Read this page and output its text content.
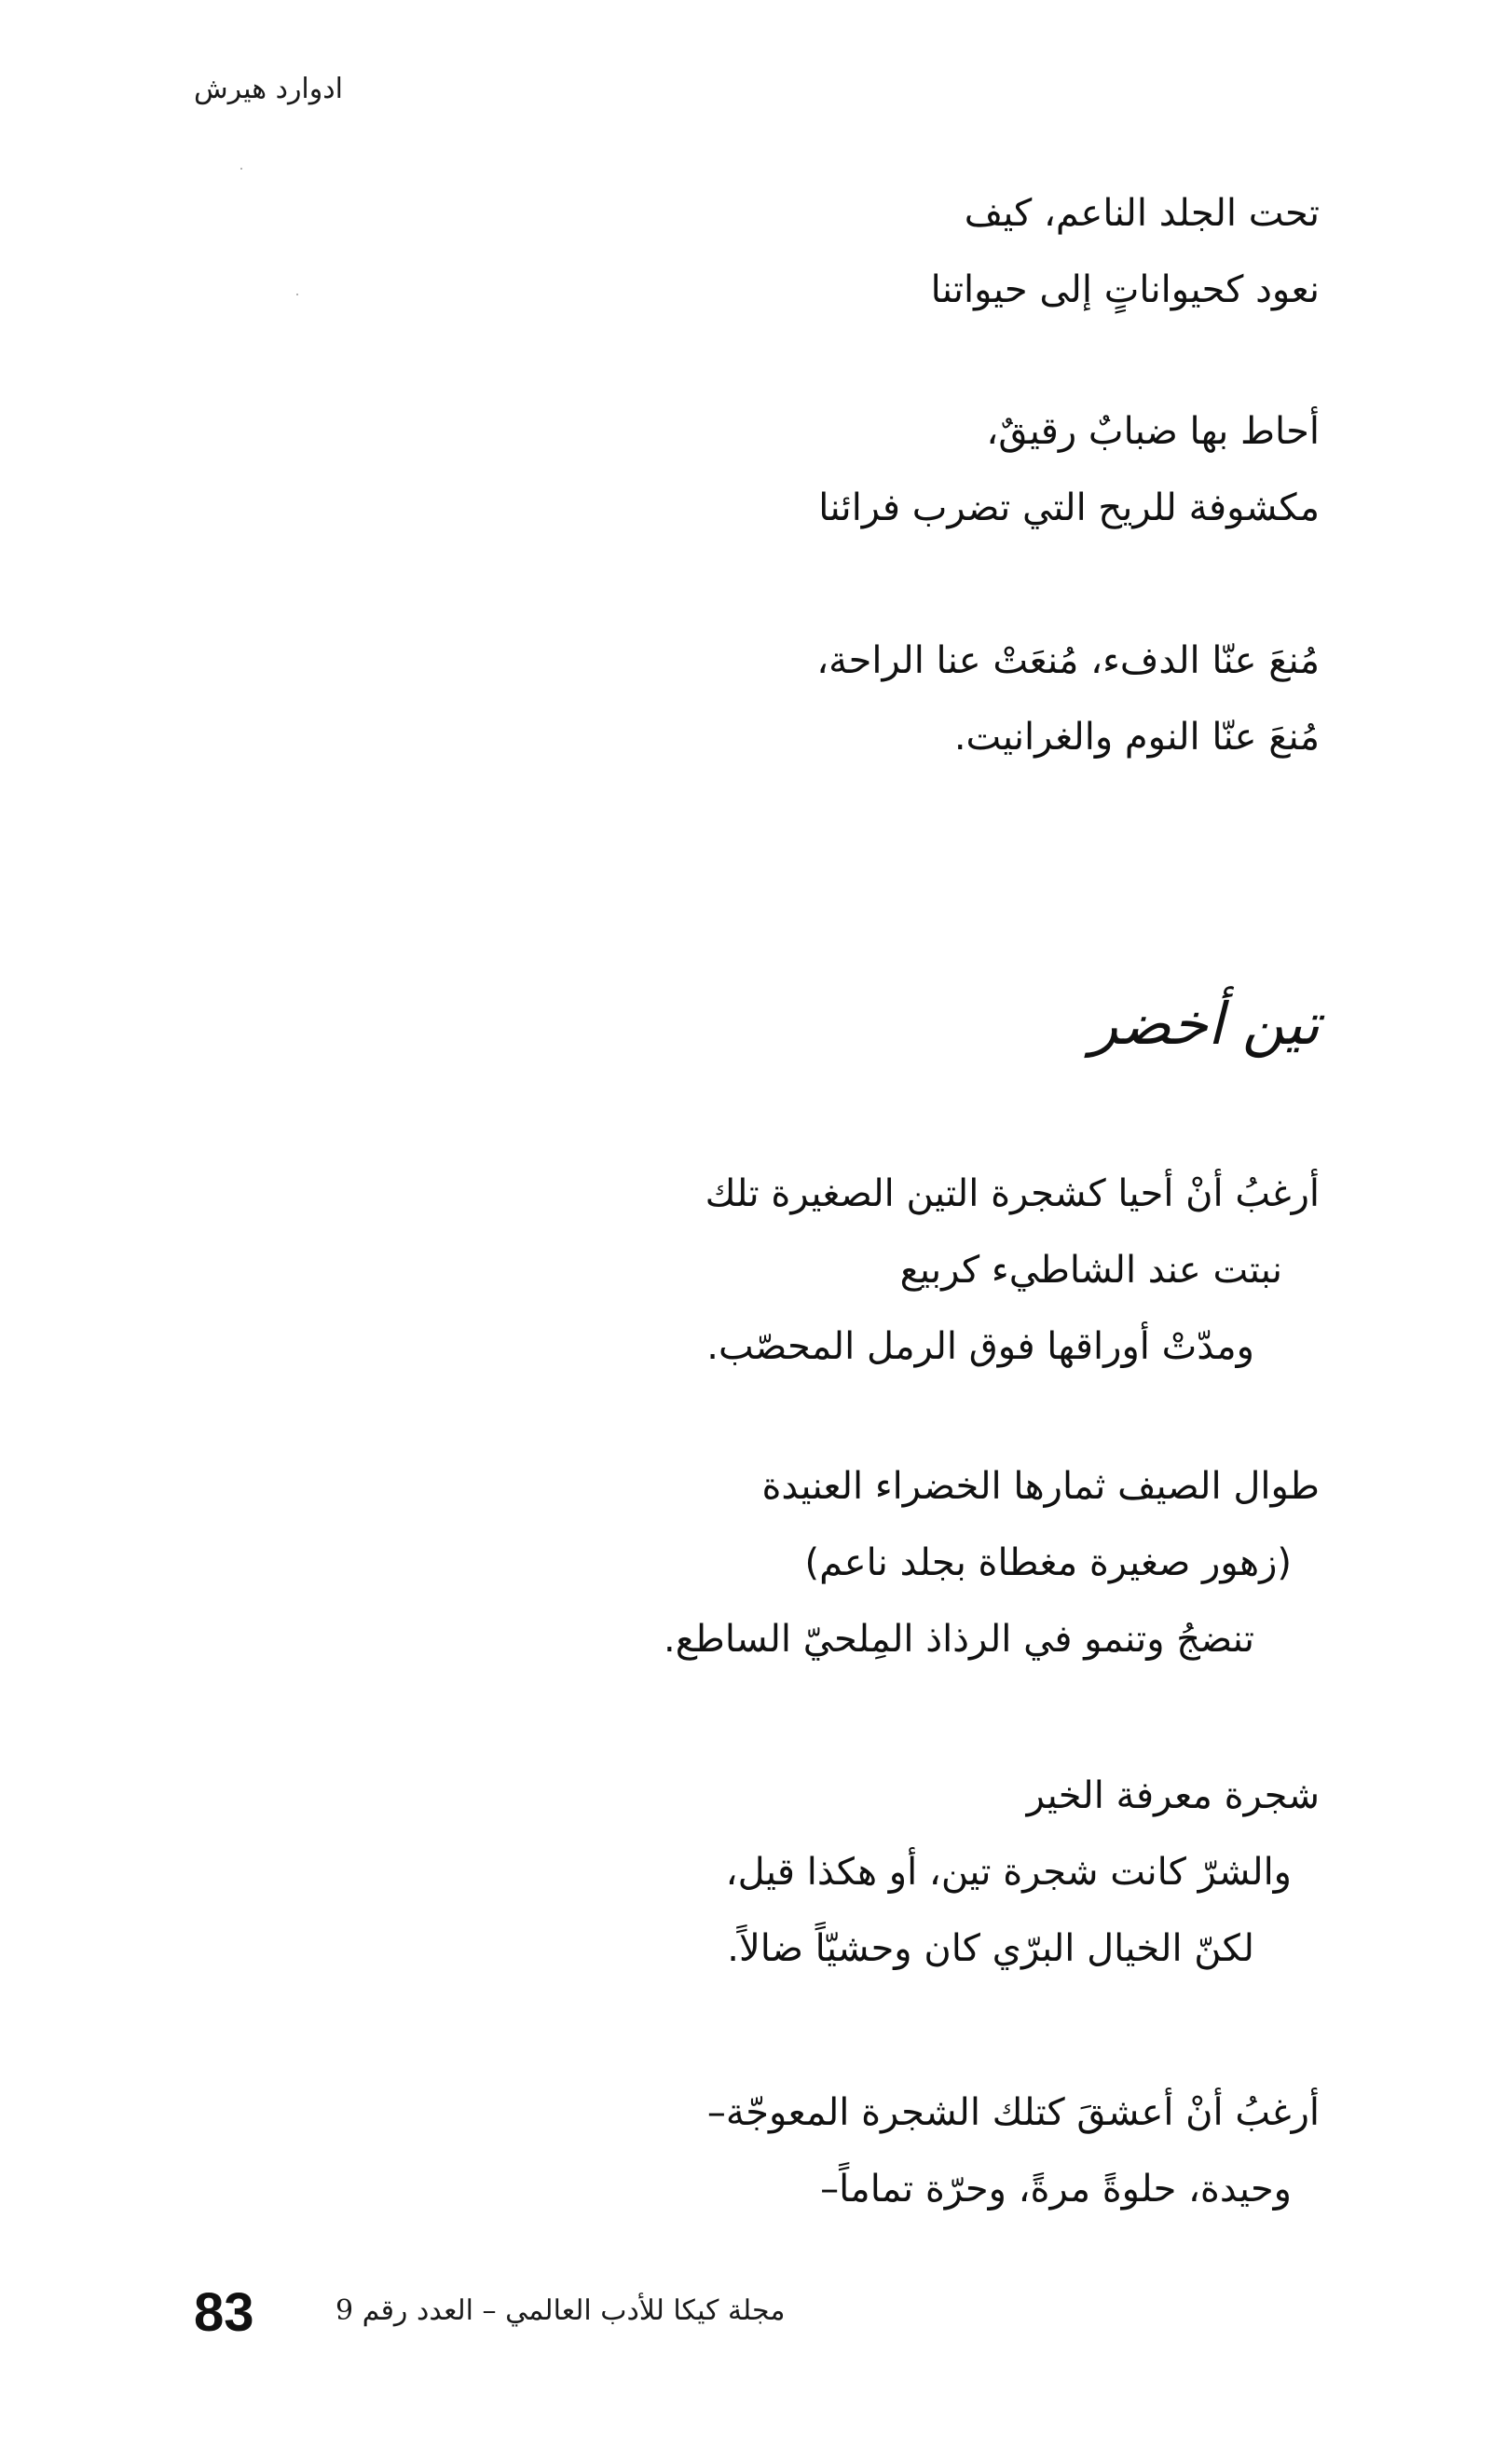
ادوارد هيرش
تحت الجلد الناعم، كيف
نعود كحيواناتٍ إلى حيواتنا
أحاط بها ضبابٌ رقيقٌ،
مكشوفة للريح التي تضرب فرائنا
مُنعَ عنّا الدفء، مُنعَتْ عنا الراحة،
مُنعَ عنّا النوم والغرانيت.
تين أخضر
أرغبُ أنْ أحيا كشجرة التين الصغيرة تلك
نبتت عند الشاطيء كربيع
ومدّتْ أوراقها فوق الرمل المحصّب.
طوال الصيف ثمارها الخضراء العنيدة
(زهور صغيرة مغطاة بجلد ناعم)
تنضجُ وتنمو في الرذاذ المِلحيّ الساطع.
شجرة معرفة الخير
والشرّ كانت شجرة تين، أو هكذا قيل،
لكنّ الخيال البرّي كان وحشيّاً ضالاً.
أرغبُ أنْ أعشقَ كتلك الشجرة المعوجّة–
وحيدة، حلوةً مرةً، وحرّة تماماً–
مجلة كيكا للأدب العالمي – العدد رقم 9
83
